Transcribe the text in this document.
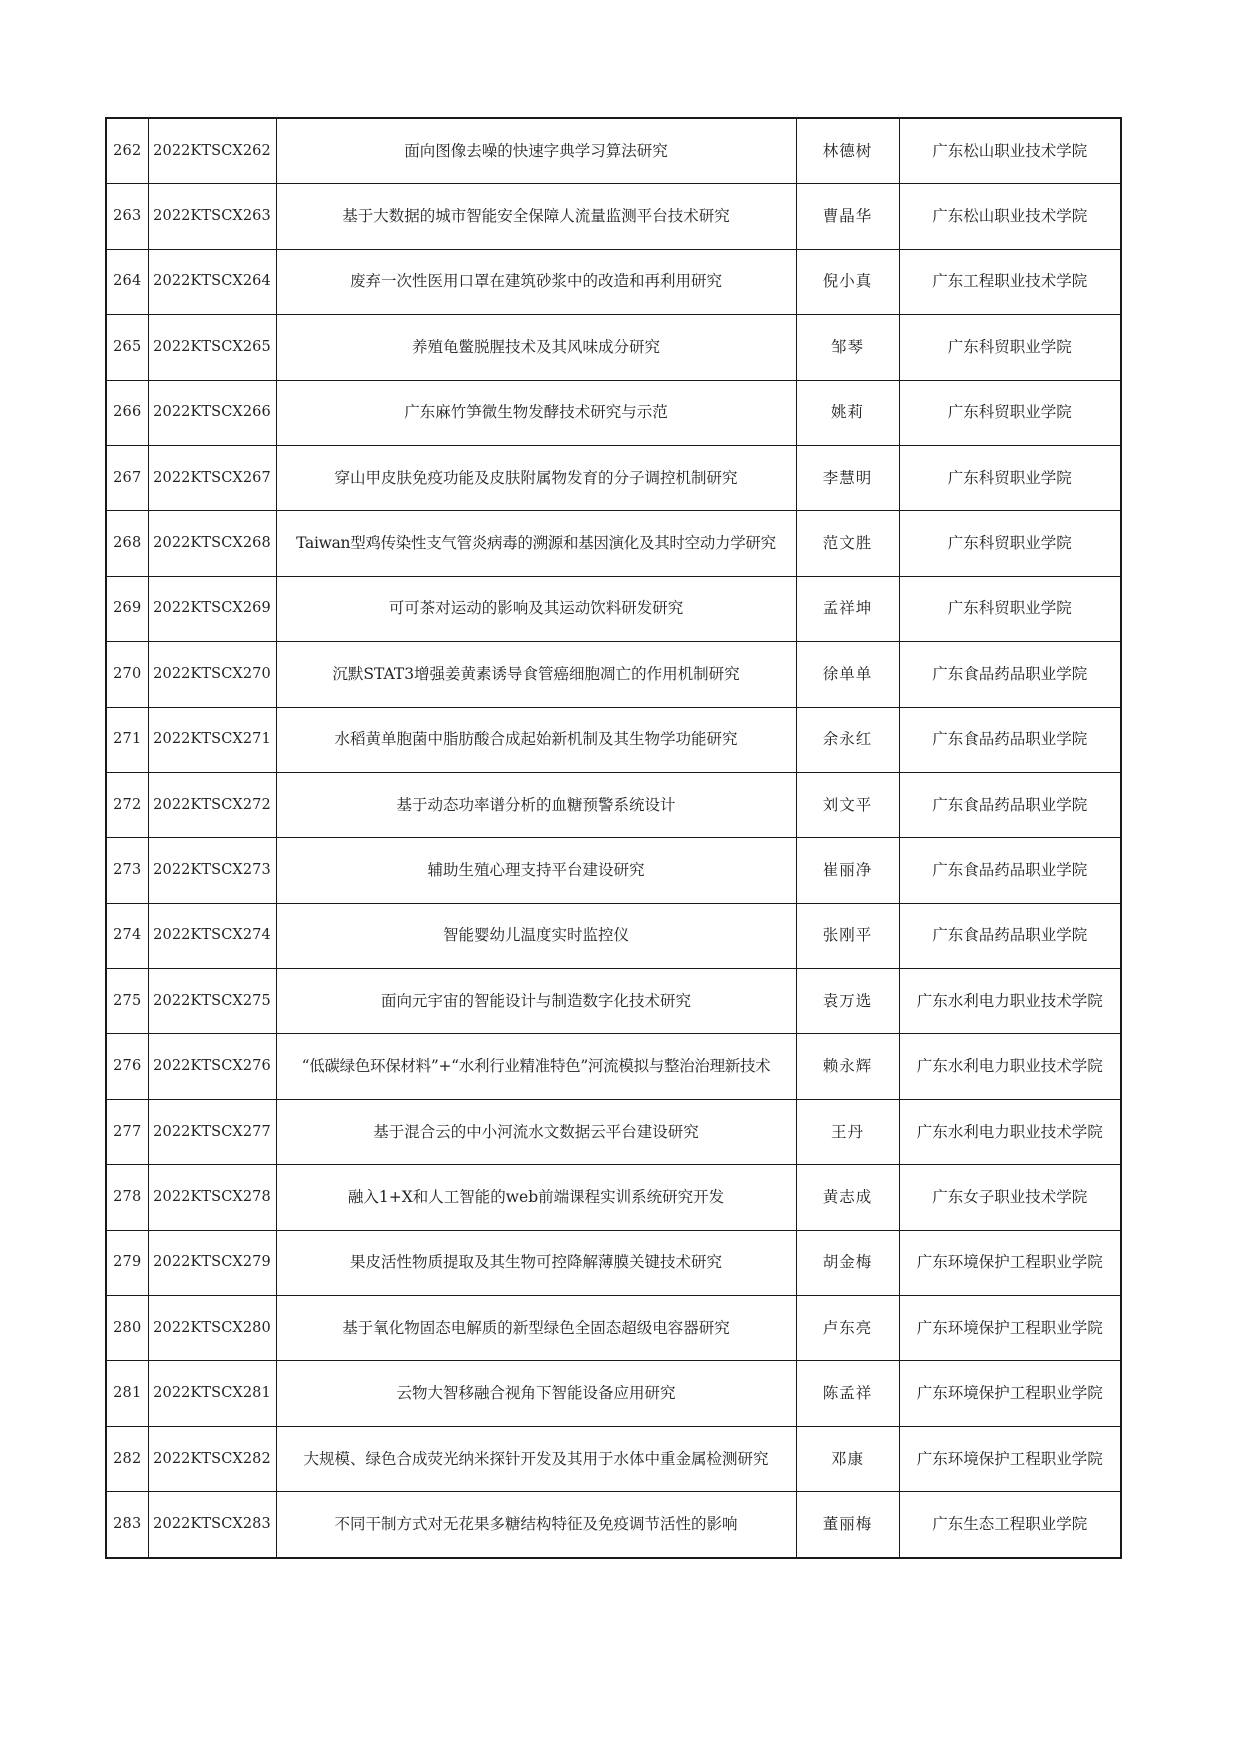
262	2022KTSCX262	面向图像去噪的快速字典学习算法研究	林德树	广东松山职业技术学院
263	2022KTSCX263	基于大数据的城市智能安全保障人流量监测平台技术研究	曹晶华	广东松山职业技术学院
264	2022KTSCX264	废弃一次性医用口罩在建筑砂浆中的改造和再利用研究	倪小真	广东工程职业技术学院
265	2022KTSCX265	养殖龟鳖脱腥技术及其风味成分研究	邹琴	广东科贸职业学院
266	2022KTSCX266	广东麻竹笋微生物发酵技术研究与示范	姚莉	广东科贸职业学院
267	2022KTSCX267	穿山甲皮肤免疫功能及皮肤附属物发育的分子调控机制研究	李慧明	广东科贸职业学院
268	2022KTSCX268	Taiwan型鸡传染性支气管炎病毒的溯源和基因演化及其时空动力学研究	范文胜	广东科贸职业学院
269	2022KTSCX269	可可茶对运动的影响及其运动饮料研发研究	孟祥坤	广东科贸职业学院
270	2022KTSCX270	沉默STAT3增强姜黄素诱导食管癌细胞凋亡的作用机制研究	徐单单	广东食品药品职业学院
271	2022KTSCX271	水稻黄单胞菌中脂肪酸合成起始新机制及其生物学功能研究	余永红	广东食品药品职业学院
272	2022KTSCX272	基于动态功率谱分析的血糖预警系统设计	刘文平	广东食品药品职业学院
273	2022KTSCX273	辅助生殖心理支持平台建设研究	崔丽净	广东食品药品职业学院
274	2022KTSCX274	智能婴幼儿温度实时监控仪	张刚平	广东食品药品职业学院
275	2022KTSCX275	面向元宇宙的智能设计与制造数字化技术研究	袁万选	广东水利电力职业技术学院
276	2022KTSCX276	“低碳绿色环保材料”+“水利行业精准特色”河流模拟与整治治理新技术	赖永辉	广东水利电力职业技术学院
277	2022KTSCX277	基于混合云的中小河流水文数据云平台建设研究	王丹	广东水利电力职业技术学院
278	2022KTSCX278	融入1+X和人工智能的web前端课程实训系统研究开发	黄志成	广东女子职业技术学院
279	2022KTSCX279	果皮活性物质提取及其生物可控降解薄膜关键技术研究	胡金梅	广东环境保护工程职业学院
280	2022KTSCX280	基于氧化物固态电解质的新型绿色全固态超级电容器研究	卢东亮	广东环境保护工程职业学院
281	2022KTSCX281	云物大智移融合视角下智能设备应用研究	陈孟祥	广东环境保护工程职业学院
282	2022KTSCX282	大规模、绿色合成荧光纳米探针开发及其用于水体中重金属检测研究	邓康	广东环境保护工程职业学院
283	2022KTSCX283	不同干制方式对无花果多糖结构特征及免疫调节活性的影响	董丽梅	广东生态工程职业学院
